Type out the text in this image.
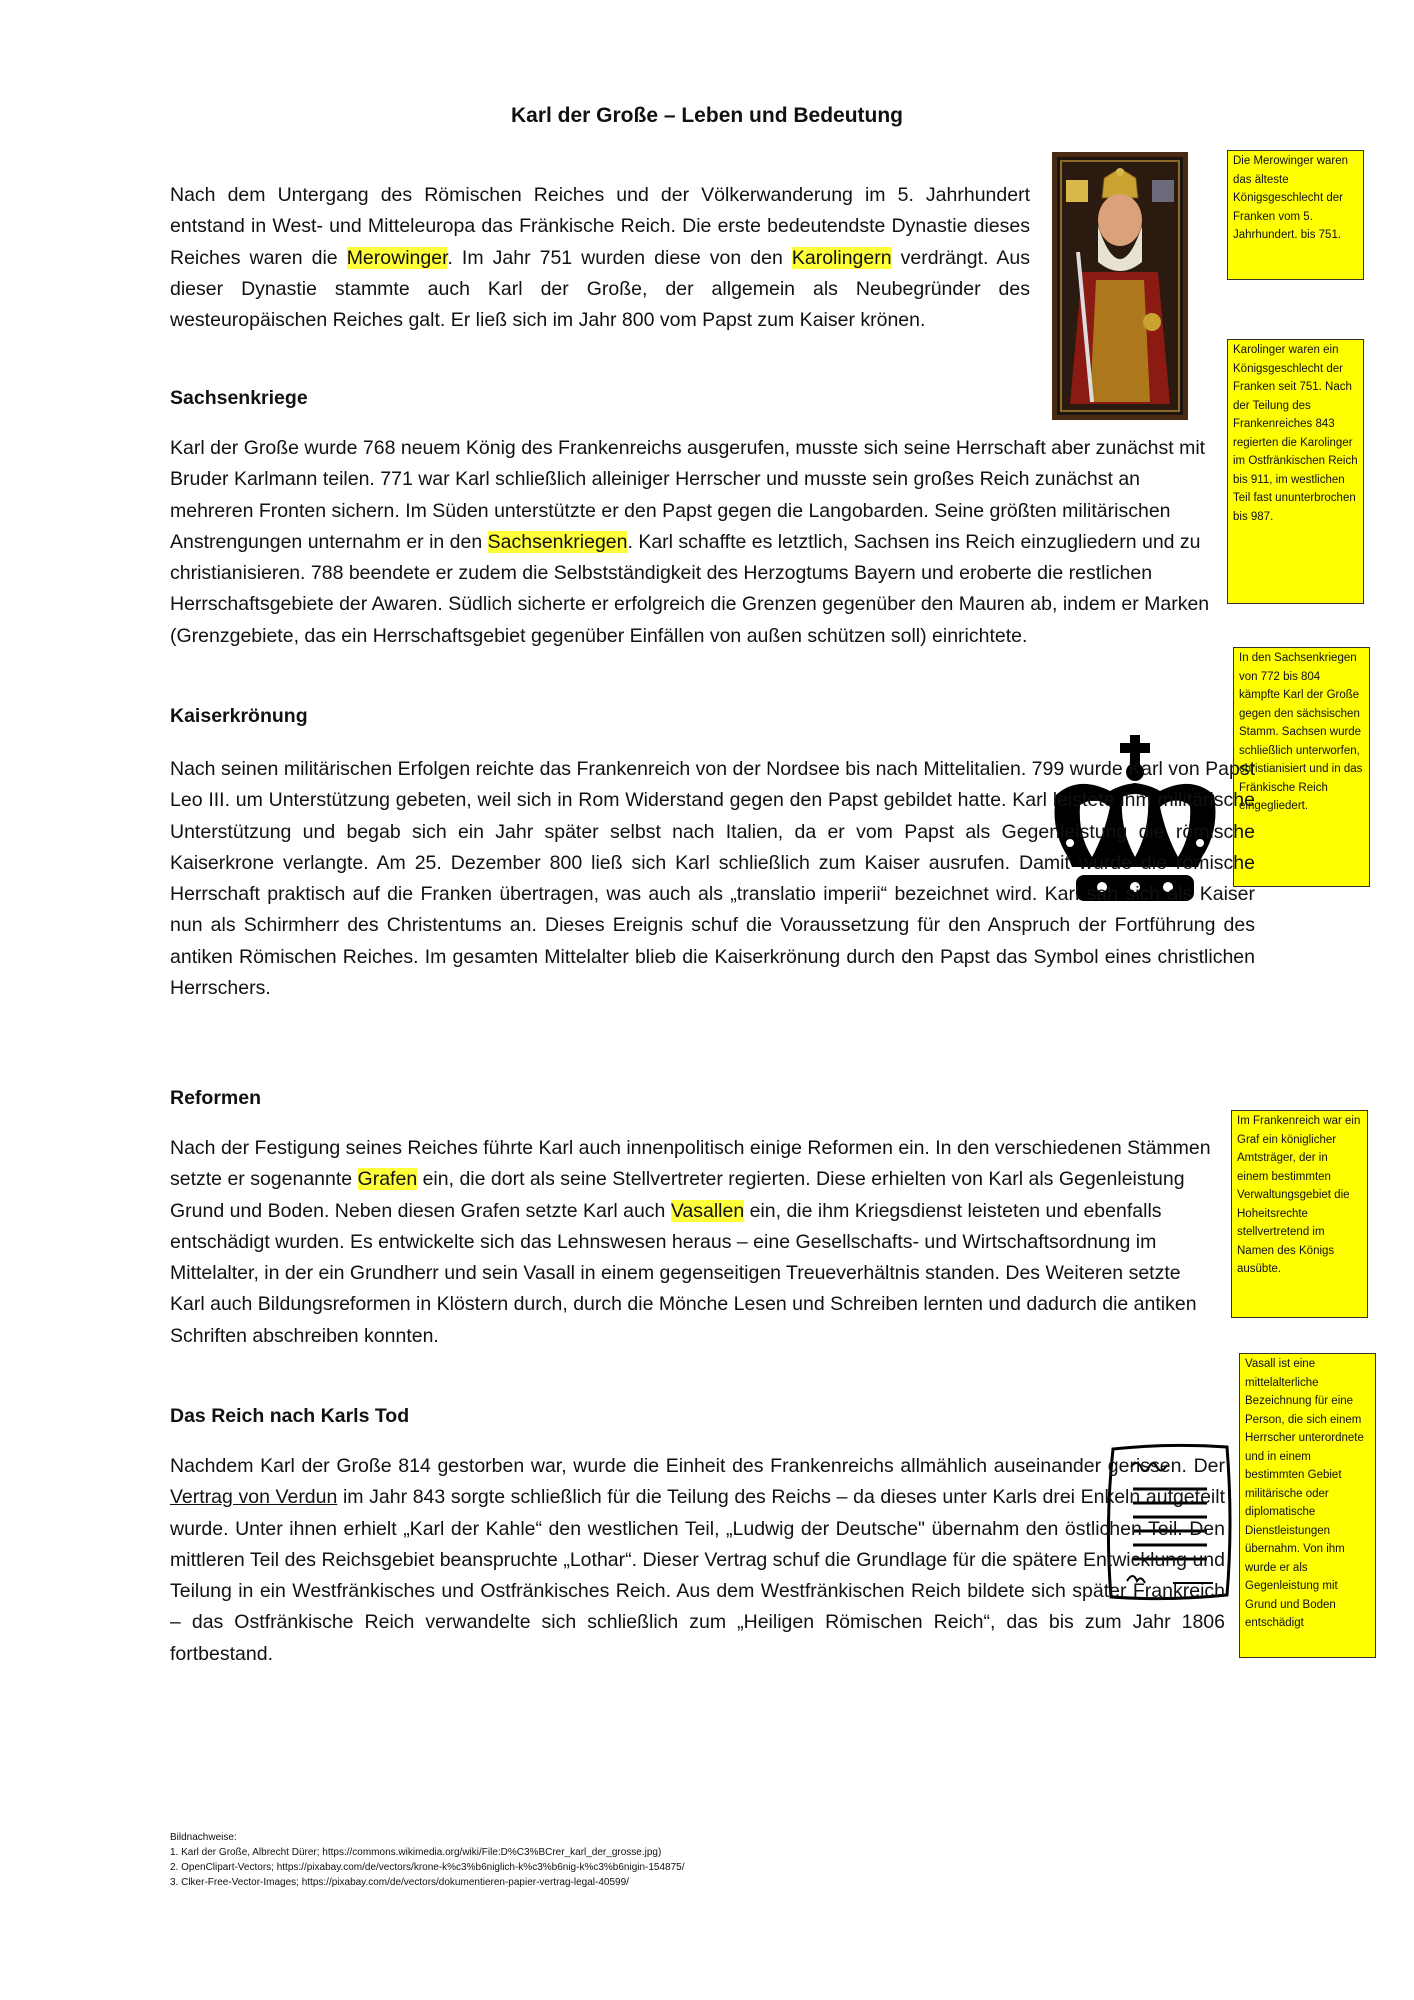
Karl der Große – Leben und Bedeutung

Nach dem Untergang des Römischen Reiches und der Völkerwanderung im 5. Jahrhundert entstand in West- und Mitteleuropa das Fränkische Reich. Die erste bedeutendste Dynastie dieses Reiches waren die Merowinger. Im Jahr 751 wurden diese von den Karolingern verdrängt. Aus dieser Dynastie stammte auch Karl der Große, der allgemein als Neubegründer des westeuropäischen Reiches galt. Er ließ sich im Jahr 800 vom Papst zum Kaiser krönen.

Die Merowinger waren das älteste Königsgeschlecht der Franken vom 5. Jahrhundert. bis 751.
Karolinger waren ein Königsgeschlecht der Franken seit 751. Nach der Teilung des Frankenreiches 843 regierten die Karolinger im Ostfränkischen Reich bis 911, im westlichen Teil fast ununterbrochen bis 987.
In den Sachsenkriegen von 772 bis 804 kämpfte Karl der Große gegen den sächsischen Stamm. Sachsen wurde schließlich unterworfen, christianisiert und in das Fränkische Reich eingegliedert.
Im Frankenreich war ein Graf ein königlicher Amtsträger, der in einem bestimmten Verwaltungsgebiet die Hoheitsrechte stellvertretend im Namen des Königs ausübte.
Vasall ist eine mittelalterliche Bezeichnung für eine Person, die sich einem Herrscher unterordnete und in einem bestimmten Gebiet militärische oder diplomatische Dienstleistungen übernahm. Von ihm wurde er als Gegenleistung mit Grund und Boden entschädigt
Sachsenkriege

Karl der Große wurde 768 neuem König des Frankenreichs ausgerufen, musste sich seine Herrschaft aber zunächst mit Bruder Karlmann teilen. 771 war Karl schließlich alleiniger Herrscher und musste sein großes Reich zunächst an mehreren Fronten sichern. Im Süden unterstützte er den Papst gegen die Langobarden. Seine größten militärischen Anstrengungen unternahm er in den Sachsenkriegen. Karl schaffte es letztlich, Sachsen ins Reich einzugliedern und zu christianisieren. 788 beendete er zudem die Selbstständigkeit des Herzogtums Bayern und eroberte die restlichen Herrschaftsgebiete der Awaren. Südlich sicherte er erfolgreich die Grenzen gegenüber den Mauren ab, indem er Marken (Grenzgebiete, das ein Herrschaftsgebiet gegenüber Einfällen von außen schützen soll) einrichtete.

Kaiserkrönung

Nach seinen militärischen Erfolgen reichte das Frankenreich von der Nordsee bis nach Mittelitalien. 799 wurde Karl von Papst Leo III. um Unterstützung gebeten, weil sich in Rom Widerstand gegen den Papst gebildet hatte. Karl leistete ihm militärische Unterstützung und begab sich ein Jahr später selbst nach Italien, da er vom Papst als Gegenleistung die römische Kaiserkrone verlangte. Am 25. Dezember 800 ließ sich Karl schließlich zum Kaiser ausrufen. Damit wurde die römische Herrschaft praktisch auf die Franken übertragen, was auch als „translatio imperii“ bezeichnet wird. Karl sah sich als Kaiser nun als Schirmherr des Christentums an. Dieses Ereignis schuf die Voraussetzung für den Anspruch der Fortführung des antiken Römischen Reiches. Im gesamten Mittelalter blieb die Kaiserkrönung durch den Papst das Symbol eines christlichen Herrschers.

Reformen

Nach der Festigung seines Reiches führte Karl auch innenpolitisch einige Reformen ein. In den verschiedenen Stämmen setzte er sogenannte Grafen ein, die dort als seine Stellvertreter regierten. Diese erhielten von Karl als Gegenleistung Grund und Boden. Neben diesen Grafen setzte Karl auch Vasallen ein, die ihm Kriegsdienst leisteten und ebenfalls entschädigt wurden. Es entwickelte sich das Lehnswesen heraus – eine Gesellschafts- und Wirtschaftsordnung im Mittelalter, in der ein Grundherr und sein Vasall in einem gegenseitigen Treueverhältnis standen. Des Weiteren setzte Karl auch Bildungsreformen in Klöstern durch, durch die Mönche Lesen und Schreiben lernten und dadurch die antiken Schriften abschreiben konnten.

Das Reich nach Karls Tod

Nachdem Karl der Große 814 gestorben war, wurde die Einheit des Frankenreichs allmählich auseinander gerissen. Der Vertrag von Verdun im Jahr 843 sorgte schließlich für die Teilung des Reichs – da dieses unter Karls drei Enkeln aufgeteilt wurde. Unter ihnen erhielt „Karl der Kahle“ den westlichen Teil, „Ludwig der Deutsche" übernahm den östlichen Teil. Den mittleren Teil des Reichsgebiet beanspruchte „Lothar“. Dieser Vertrag schuf die Grundlage für die spätere Entwicklung und Teilung in ein Westfränkisches und Ostfränkisches Reich. Aus dem Westfränkischen Reich bildete sich später Frankreich – das Ostfränkische Reich verwandelte sich schließlich zum „Heiligen Römischen Reich“, das bis zum Jahr 1806 fortbestand.

Bildnachweise:
1. Karl der Große, Albrecht Dürer; https://commons.wikimedia.org/wiki/File:D%C3%BCrer_karl_der_grosse.jpg)
2. OpenClipart-Vectors; https://pixabay.com/de/vectors/krone-k%c3%b6niglich-k%c3%b6nig-k%c3%b6nigin-154875/
3. Clker-Free-Vector-Images; https://pixabay.com/de/vectors/dokumentieren-papier-vertrag-legal-40599/
